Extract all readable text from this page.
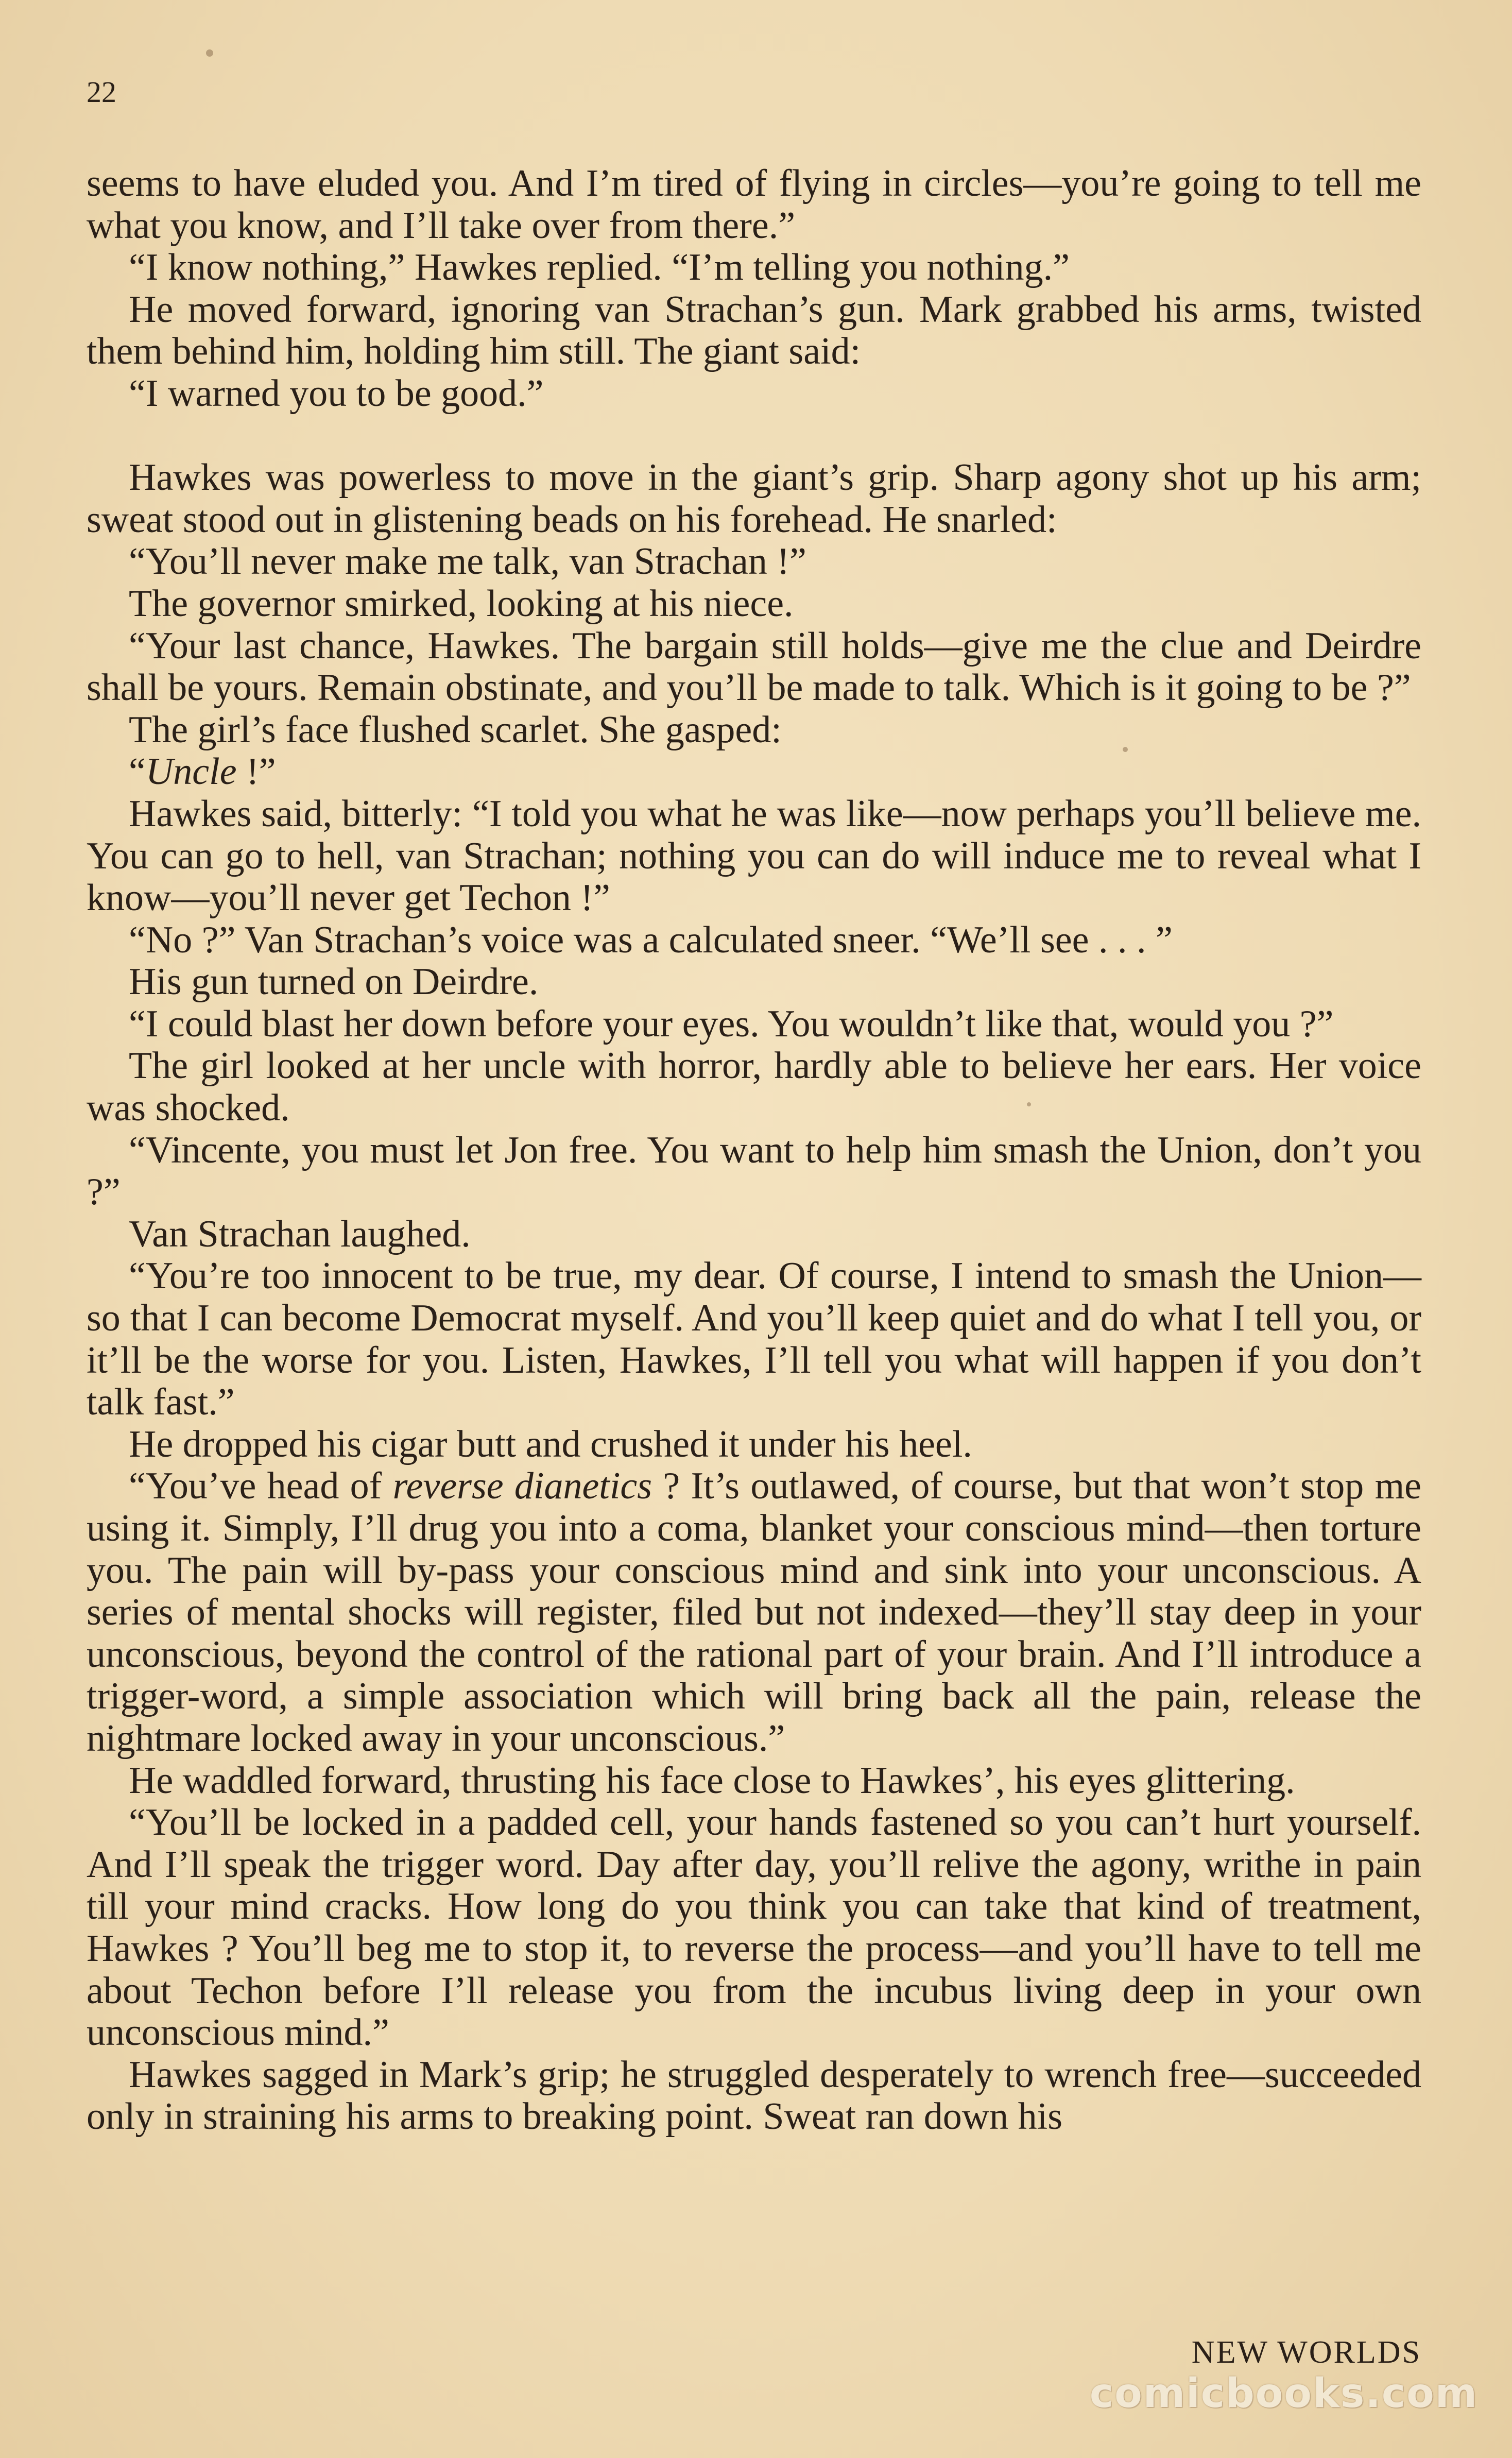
22

seems to have eluded you. And I’m tired of flying in circles—you’re going to tell me what you know, and I’ll take over from there.”

“I know nothing,” Hawkes replied. “I’m telling you nothing.”

He moved forward, ignoring van Strachan’s gun. Mark grabbed his arms, twisted them behind him, holding him still. The giant said:

“I warned you to be good.”

Hawkes was powerless to move in the giant’s grip. Sharp agony shot up his arm; sweat stood out in glistening beads on his forehead. He snarled:

“You’ll never make me talk, van Strachan !”

The governor smirked, looking at his niece.

“Your last chance, Hawkes. The bargain still holds—give me the clue and Deirdre shall be yours. Remain obstinate, and you’ll be made to talk. Which is it going to be ?”

The girl’s face flushed scarlet. She gasped:

“Uncle !”

Hawkes said, bitterly: “I told you what he was like—now perhaps you’ll believe me. You can go to hell, van Strachan; nothing you can do will induce me to reveal what I know—you’ll never get Techon !”

“No ?” Van Strachan’s voice was a calculated sneer. “We’ll see . . . ”

His gun turned on Deirdre.

“I could blast her down before your eyes. You wouldn’t like that, would you ?”

The girl looked at her uncle with horror, hardly able to believe her ears. Her voice was shocked.

“Vincente, you must let Jon free. You want to help him smash the Union, don’t you ?”

Van Strachan laughed.

“You’re too innocent to be true, my dear. Of course, I intend to smash the Union—so that I can become Democrat myself. And you’ll keep quiet and do what I tell you, or it’ll be the worse for you. Listen, Hawkes, I’ll tell you what will happen if you don’t talk fast.”

He dropped his cigar butt and crushed it under his heel.

“You’ve head of reverse dianetics ? It’s outlawed, of course, but that won’t stop me using it. Simply, I’ll drug you into a coma, blanket your conscious mind—then torture you. The pain will by-pass your conscious mind and sink into your unconscious. A series of mental shocks will register, filed but not indexed—they’ll stay deep in your unconscious, beyond the control of the rational part of your brain. And I’ll introduce a trigger-word, a simple association which will bring back all the pain, release the nightmare locked away in your unconscious.”

He waddled forward, thrusting his face close to Hawkes’, his eyes glittering.

“You’ll be locked in a padded cell, your hands fastened so you can’t hurt yourself. And I’ll speak the trigger word. Day after day, you’ll relive the agony, writhe in pain till your mind cracks. How long do you think you can take that kind of treatment, Hawkes ? You’ll beg me to stop it, to reverse the process—and you’ll have to tell me about Techon before I’ll release you from the incubus living deep in your own unconscious mind.”

Hawkes sagged in Mark’s grip; he struggled desperately to wrench free—succeeded only in straining his arms to breaking point. Sweat ran down his

NEW WORLDS
comicbooks.com
